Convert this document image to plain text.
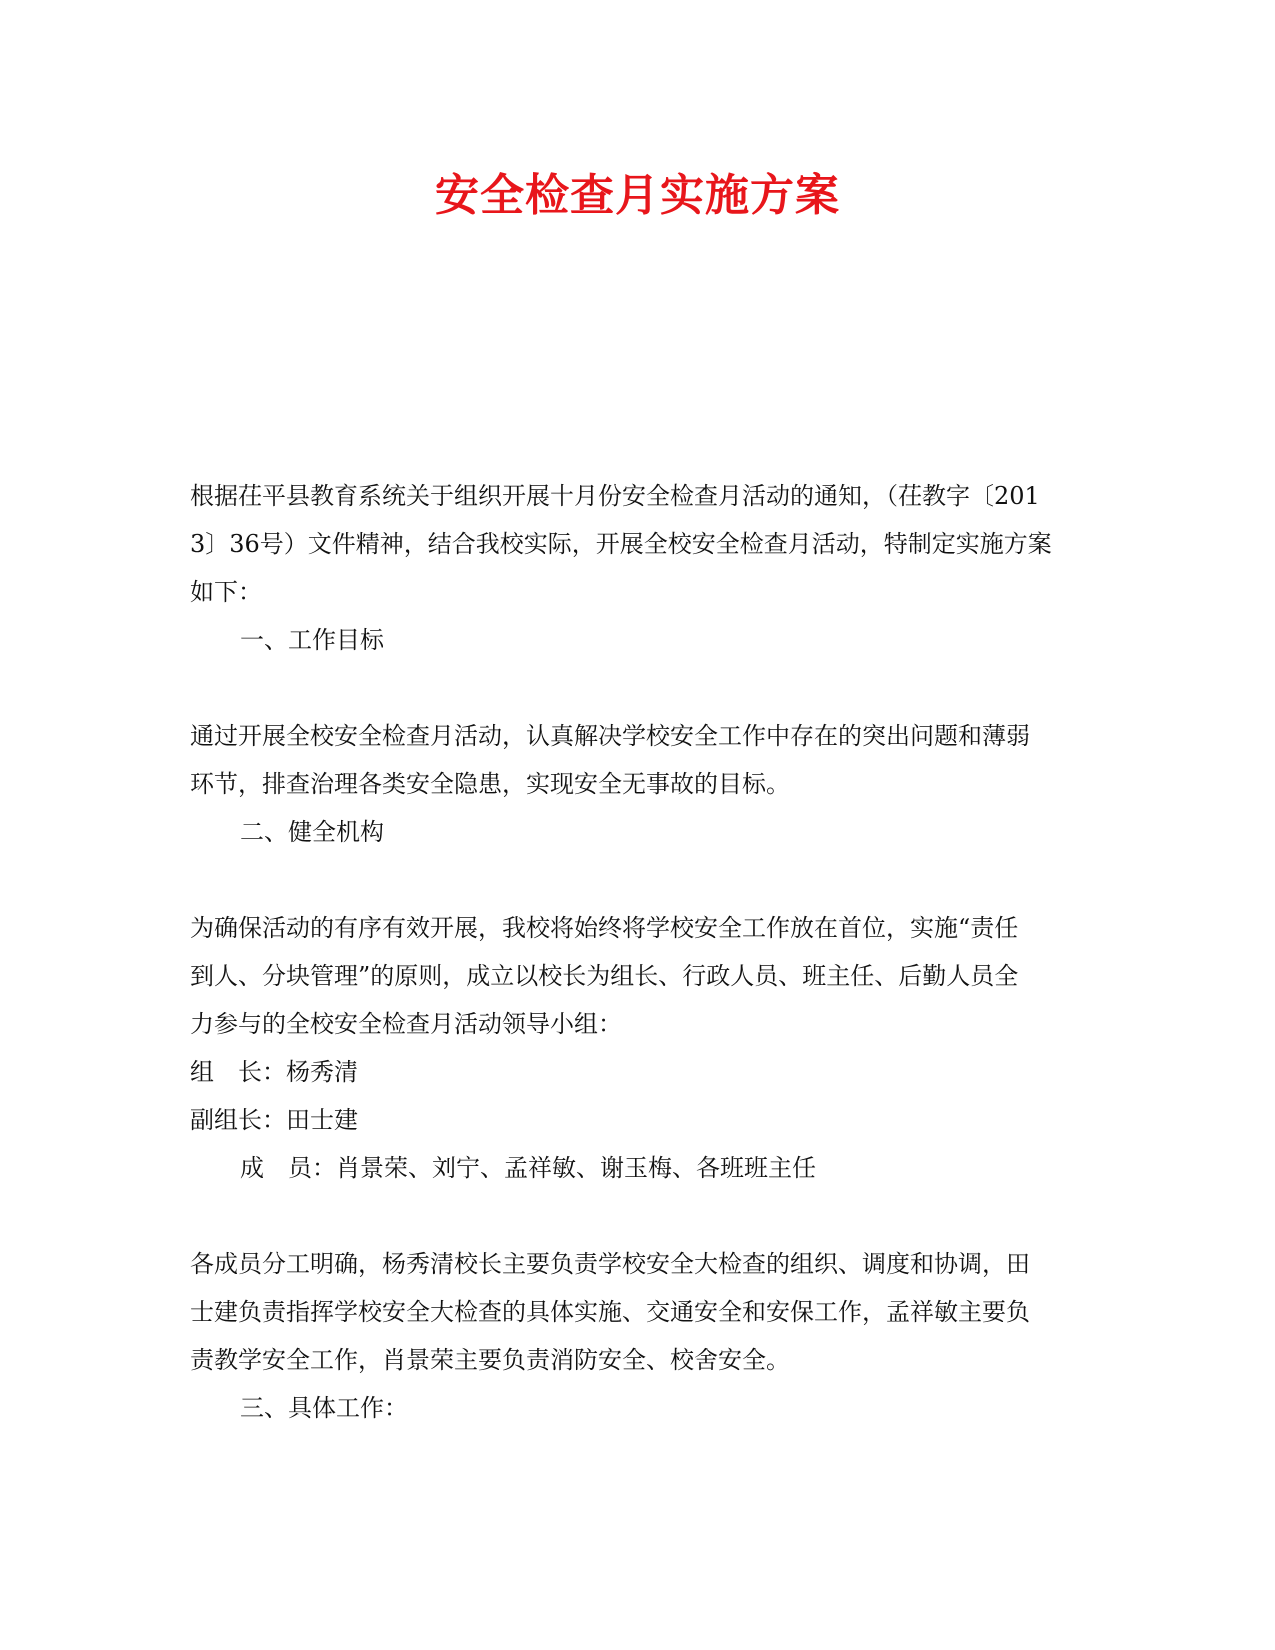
安全检查月实施方案
根据茌平县教育系统关于组织开展十月份安全检查月活动的通知，（茌教字〔201
3〕36号）文件精神，结合我校实际，开展全校安全检查月活动，特制定实施方案
如下：
一、工作目标
通过开展全校安全检查月活动，认真解决学校安全工作中存在的突出问题和薄弱
环节，排查治理各类安全隐患，实现安全无事故的目标。
二、健全机构
为确保活动的有序有效开展，我校将始终将学校安全工作放在首位，实施“责任
到人、分块管理”的原则，成立以校长为组长、行政人员、班主任、后勤人员全
力参与的全校安全检查月活动领导小组：
组　长：杨秀清
副组长：田士建
成　员：肖景荣、刘宁、孟祥敏、谢玉梅、各班班主任
各成员分工明确，杨秀清校长主要负责学校安全大检查的组织、调度和协调，田
士建负责指挥学校安全大检查的具体实施、交通安全和安保工作，孟祥敏主要负
责教学安全工作，肖景荣主要负责消防安全、校舍安全。
三、具体工作：
